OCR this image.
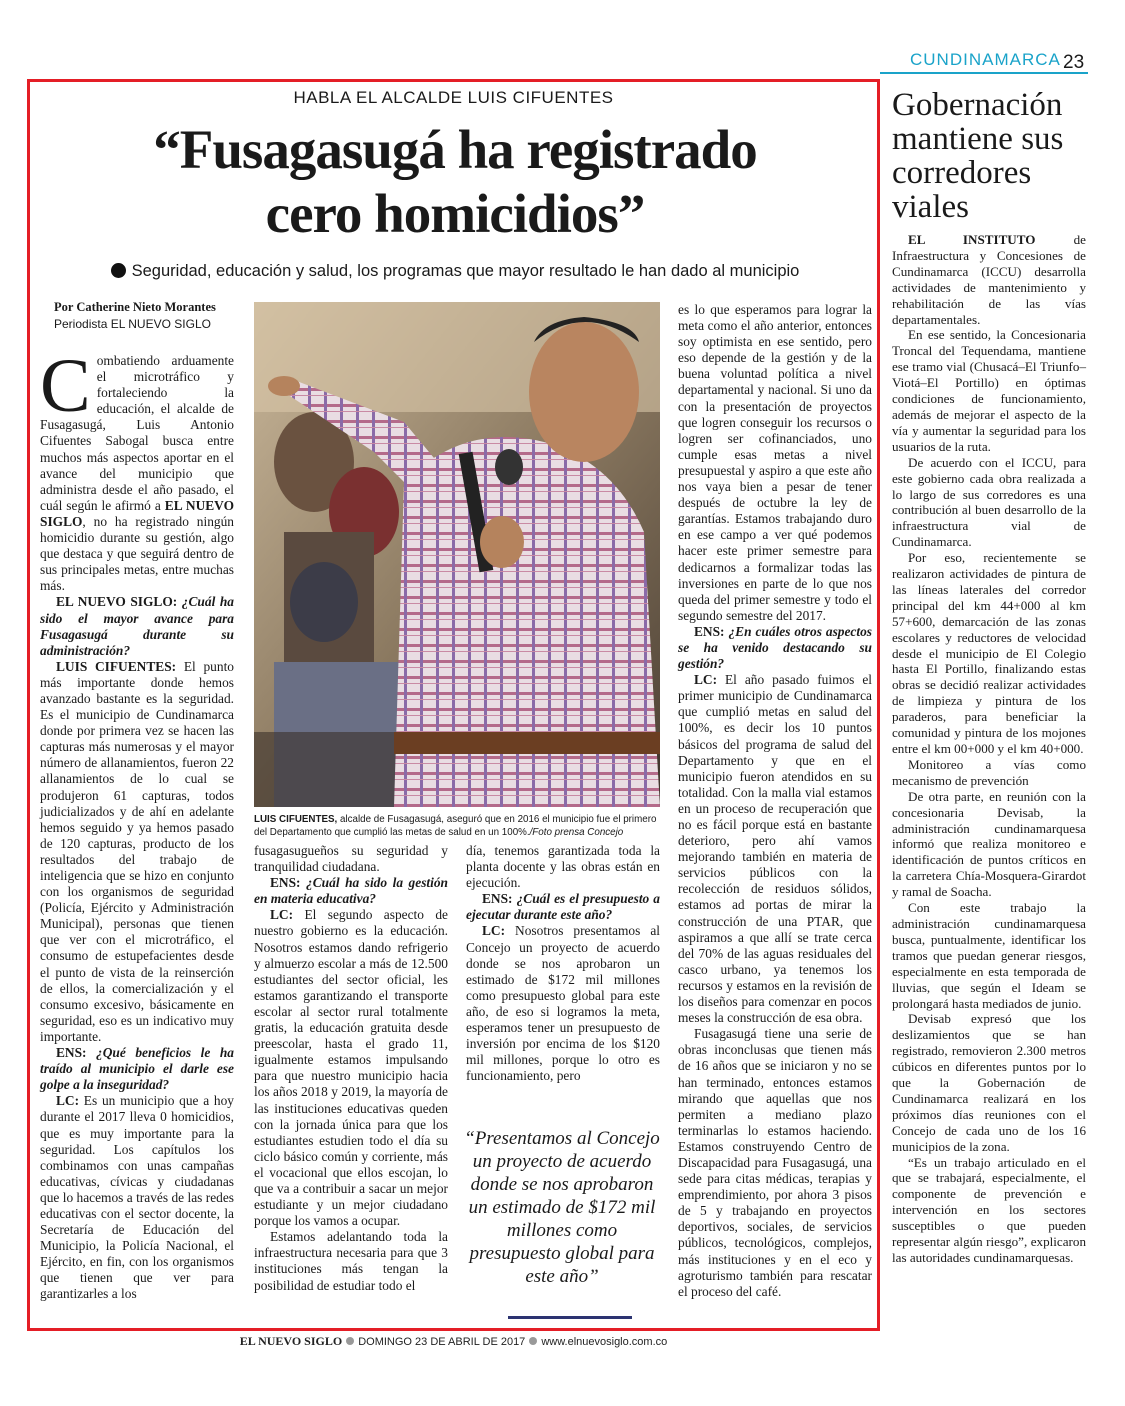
CUNDINAMARCA 23
HABLA EL ALCALDE LUIS CIFUENTES
“Fusagasugá ha registrado
cero homicidios”
Seguridad, educación y salud, los programas que mayor resultado le han dado al municipio
Por Catherine Nieto Morantes
Periodista EL NUEVO SIGLO

Combatiendo arduamente el microtráfico y fortaleciendo la educación, el alcalde de Fusagasugá, Luis Antonio Cifuentes Sabogal busca entre muchos más aspectos aportar en el avance del municipio que administra desde el año pasado, el cuál según le afirmó a EL NUEVO SIGLO, no ha registrado ningún homicidio durante su gestión, algo que destaca y que seguirá dentro de sus principales metas, entre muchas más.

EL NUEVO SIGLO: ¿Cuál ha sido el mayor avance para Fusagasugá durante su administración?

LUIS CIFUENTES: El punto más importante donde hemos avanzado bastante es la seguridad. Es el municipio de Cundinamarca donde por primera vez se hacen las capturas más numerosas y el mayor número de allanamientos, fueron 22 allanamientos de lo cual se produjeron 61 capturas, todos judicializados y de ahí en adelante hemos seguido y ya hemos pasado de 120 capturas, producto de los resultados del trabajo de inteligencia que se hizo en conjunto con los organismos de seguridad (Policía, Ejército y Administración Municipal), personas que tienen que ver con el microtráfico, el consumo de estupefacientes desde el punto de vista de la reinserción de ellos, la comercialización y el consumo excesivo, básicamente en seguridad, eso es un indicativo muy importante.

ENS: ¿Qué beneficios le ha traído al municipio el darle ese golpe a la inseguridad?

LC: Es un municipio que a hoy durante el 2017 lleva 0 homicidios, que es muy importante para la seguridad. Los capítulos los combinamos con unas campañas educativas, cívicas y ciudadanas que lo hacemos a través de las redes educativas con el sector docente, la Secretaría de Educación del Municipio, la Policía Nacional, el Ejército, en fin, con los organismos que tienen que ver para garantizarles a los

LUIS CIFUENTES, alcalde de Fusagasugá, aseguró que en 2016 el municipio fue el primero del Departamento que cumplió las metas de salud en un 100%./Foto prensa Concejo

fusagasugueños su seguridad y tranquilidad ciudadana.

ENS: ¿Cuál ha sido la gestión en materia educativa?

LC: El segundo aspecto de nuestro gobierno es la educación. Nosotros estamos dando refrigerio y almuerzo escolar a más de 12.500 estudiantes del sector oficial, les estamos garantizando el transporte escolar al sector rural totalmente gratis, la educación gratuita desde preescolar, hasta el grado 11, igualmente estamos impulsando para que nuestro municipio hacia los años 2018 y 2019, la mayoría de las instituciones educativas queden con la jornada única para que los estudiantes estudien todo el día su ciclo básico común y corriente, más el vocacional que ellos escojan, lo que va a contribuir a sacar un mejor estudiante y un mejor ciudadano porque los vamos a ocupar.

Estamos adelantando toda la infraestructura necesaria para que 3 instituciones más tengan la posibilidad de estudiar todo el

día, tenemos garantizada toda la planta docente y las obras están en ejecución.

ENS: ¿Cuál es el presupuesto a ejecutar durante este año?

LC: Nosotros presentamos al Concejo un proyecto de acuerdo donde se nos aprobaron un estimado de $172 mil millones como presupuesto global para este año, de eso si logramos la meta, esperamos tener un presupuesto de inversión por encima de los $120 mil millones, porque lo otro es funcionamiento, pero

“Presentamos al Concejo un proyecto de acuerdo donde se nos aprobaron un estimado de $172 mil millones como presupuesto global para este año”

es lo que esperamos para lograr la meta como el año anterior, entonces soy optimista en ese sentido, pero eso depende de la gestión y de la buena voluntad política a nivel departamental y nacional. Si uno da con la presentación de proyectos que logren conseguir los recursos o logren ser cofinanciados, uno cumple esas metas a nivel presupuestal y aspiro a que este año nos vaya bien a pesar de tener después de octubre la ley de garantías. Estamos trabajando duro en ese campo a ver qué podemos hacer este primer semestre para dedicarnos a formalizar todas las inversiones en parte de lo que nos queda del primer semestre y todo el segundo semestre del 2017.

ENS: ¿En cuáles otros aspectos se ha venido destacando su gestión?

LC: El año pasado fuimos el primer municipio de Cundinamarca que cumplió metas en salud del 100%, es decir los 10 puntos básicos del programa de salud del Departamento y que en el municipio fueron atendidos en su totalidad. Con la malla vial estamos en un proceso de recuperación que no es fácil porque está en bastante deterioro, pero ahí vamos mejorando también en materia de servicios públicos con la recolección de residuos sólidos, estamos ad portas de mirar la construcción de una PTAR, que aspiramos a que allí se trate cerca del 70% de las aguas residuales del casco urbano, ya tenemos los recursos y estamos en la revisión de los diseños para comenzar en pocos meses la construcción de esa obra.

Fusagasugá tiene una serie de obras inconclusas que tienen más de 16 años que se iniciaron y no se han terminado, entonces estamos mirando que aquellas que nos permiten a mediano plazo terminarlas lo estamos haciendo. Estamos construyendo Centro de Discapacidad para Fusagasugá, una sede para citas médicas, terapias y emprendimiento, por ahora 3 pisos de 5 y trabajando en proyectos deportivos, sociales, de servicios públicos, tecnológicos, complejos, más instituciones y en el eco y agroturismo también para rescatar el proceso del café.

Gobernación mantiene sus corredores viales

EL INSTITUTO de Infraestructura y Concesiones de Cundinamarca (ICCU) desarrolla actividades de mantenimiento y rehabilitación de las vías departamentales.

En ese sentido, la Concesionaria Troncal del Tequendama, mantiene ese tramo vial (Chusacá–El Triunfo–Viotá–El Portillo) en óptimas condiciones de funcionamiento, además de mejorar el aspecto de la vía y aumentar la seguridad para los usuarios de la ruta.

De acuerdo con el ICCU, para este gobierno cada obra realizada a lo largo de sus corredores es una contribución al buen desarrollo de la infraestructura vial de Cundinamarca.

Por eso, recientemente se realizaron actividades de pintura de las líneas laterales del corredor principal del km 44+000 al km 57+600, demarcación de las zonas escolares y reductores de velocidad desde el municipio de El Colegio hasta El Portillo, finalizando estas obras se decidió realizar actividades de limpieza y pintura de los paraderos, para beneficiar la comunidad y pintura de los mojones entre el km 00+000 y el km 40+000.

Monitoreo a vías como mecanismo de prevención

De otra parte, en reunión con la concesionaria Devisab, la administración cundinamarquesa informó que realiza monitoreo e identificación de puntos críticos en la carretera Chía-Mosquera-Girardot y ramal de Soacha.

Con este trabajo la administración cundinamarquesa busca, puntualmente, identificar los tramos que puedan generar riesgos, especialmente en esta temporada de lluvias, que según el Ideam se prolongará hasta mediados de junio.

Devisab expresó que los deslizamientos que se han registrado, removieron 2.300 metros cúbicos en diferentes puntos por lo que la Gobernación de Cundinamarca realizará en los próximos días reuniones con el Concejo de cada uno de los 16 municipios de la zona.

“Es un trabajo articulado en el que se trabajará, especialmente, el componente de prevención e intervención en los sectores susceptibles o que pueden representar algún riesgo”, explicaron las autoridades cundinamarquesas.

EL NUEVO SIGLO DOMINGO 23 DE ABRIL DE 2017 www.elnuevosiglo.com.co
